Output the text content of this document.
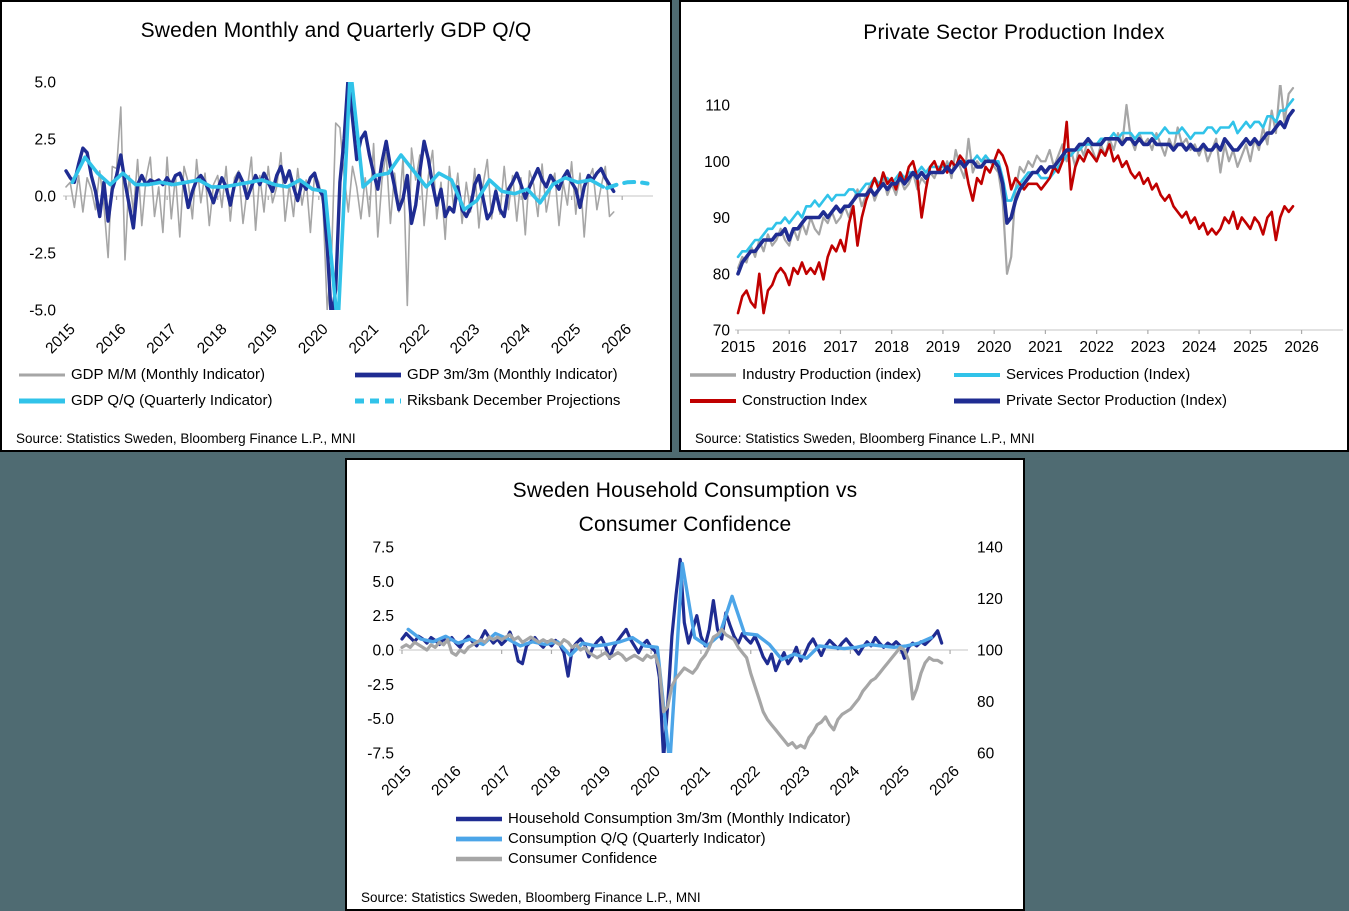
2015 2016 2017 2018 2019 2020 2021 2022 2023 2024 2025 2026
5.0
2.5
0.0
-2.5
-5.0
Sweden Monthly and Quarterly GDP Q/Q
GDP M/M (Monthly Indicator)	GDP 3m/3m (Monthly Indicator)
GDP Q/Q (Quarterly Indicator)	Riksbank December Projections
Source: Statistics Sweden, Bloomberg Finance L.P., MNI
2015 2016 2017 2018 2019 2020 2021 2022 2023 2024 2025 2026
110
100
90
80
70
Private Sector Production Index
Industry Production (index)	Services Production (Index)
Construction Index	Private Sector Production (Index)
Source: Statistics Sweden, Bloomberg Finance L.P., MNI
2015 2016 2017 2018 2019 2020 2021 2022 2023 2024 2025 2026
7.5
5.0
2.5
0.0
-2.5
-5.0
-7.5
140
120
100
80
60
Sweden Household Consumption vs Consumer Confidence
Household Consumption 3m/3m (Monthly Indicator)
Consumption Q/Q (Quarterly Indicator)
Consumer Confidence
Source: Statistics Sweden, Bloomberg Finance L.P., MNI
